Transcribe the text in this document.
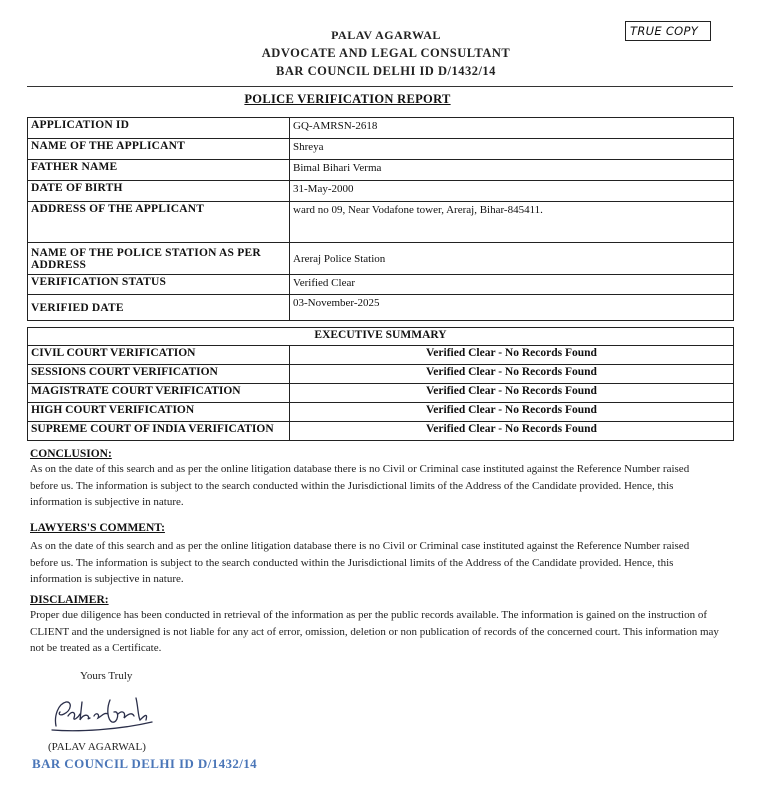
PALAV AGARWAL
ADVOCATE AND LEGAL CONSULTANT
BAR COUNCIL DELHI ID D/1432/14
TRUE COPY
POLICE VERIFICATION REPORT
APPLICATION ID	GQ-AMRSN-2618
NAME OF THE APPLICANT	Shreya
FATHER NAME	Bimal Bihari Verma
DATE OF BIRTH	31-May-2000
ADDRESS OF THE APPLICANT	ward no 09, Near Vodafone tower, Areraj, Bihar-845411.
NAME OF THE POLICE STATION AS PER ADDRESS	Areraj Police Station
VERIFICATION STATUS	Verified Clear
VERIFIED DATE	03-November-2025
EXECUTIVE SUMMARY	
CIVIL COURT VERIFICATION	Verified Clear - No Records Found
SESSIONS COURT VERIFICATION	Verified Clear - No Records Found
MAGISTRATE COURT VERIFICATION	Verified Clear - No Records Found
HIGH COURT VERIFICATION	Verified Clear - No Records Found
SUPREME COURT OF INDIA VERIFICATION	Verified Clear - No Records Found
CONCLUSION:
As on the date of this search and as per the online litigation database there is no Civil or Criminal case instituted against the Reference Number raised before us. The information is subject to the search conducted within the Jurisdictional limits of the Address of the Candidate provided. Hence, this information is subjective in nature.
LAWYERS'S COMMENT:
As on the date of this search and as per the online litigation database there is no Civil or Criminal case instituted against the Reference Number raised before us. The information is subject to the search conducted within the Jurisdictional limits of the Address of the Candidate provided. Hence, this information is subjective in nature.
DISCLAIMER:
Proper due diligence has been conducted in retrieval of the information as per the public records available. The information is gained on the instruction of CLIENT and the undersigned is not liable for any act of error, omission, deletion or non publication of records of the concerned court. This information may not be treated as a Certificate.
Yours Truly
(PALAV AGARWAL)
BAR COUNCIL DELHI ID D/1432/14
